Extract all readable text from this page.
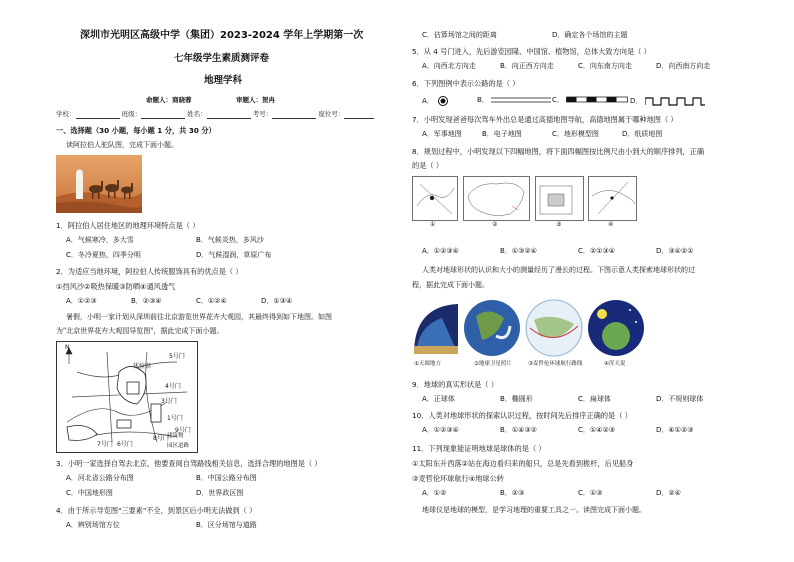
深圳市光明区高级中学（集团）2023-2024 学年上学期第一次
七年级学生素质测评卷
地理学科
命题人：商晓蓉	审题人：贺冉
学校：	班级：	姓名：	考号：	座位号：
一、选择题（30 小题，每小题 1 分，共 30 分）
读阿拉伯人驼队图，完成下面小题。
1．阿拉伯人居住地区的地理环境特点是（ ）
A．气候寒冷，多大雪	B．气候炎热，多风沙
C．冬冷夏热，四季分明	D．气候湿润，草原广布
2．为适应当地环境，阿拉伯人传统服饰具有的优点是（ ）
①挡风沙②吸热保暖③防晒④通风透气
A．①②③	B．②③④	C．①②④	D．①③④
暑假，小明一家计划从深圳前往北京游览世界花卉大观园，其最终得到如下地图。如图
为"北京世界花卉大观园导览图"，据此完成下面小题。
N
5号门
体验馆
4号门
3号门
1号门
9号门
8号门
6号门
7号门
建筑物
园区道路
3．小明一家选择自驾去北京，他要查阅自驾路线相关信息，选择合理的地图是（ ）
A．河北省公路分布图	B．中国公路分布图
C．中国地形图	D．世界政区图
4．由于所示导览图"三要素"不全，到景区后小明无法做到（ ）
A．辨别场馆方位	B．区分场馆与道路
C．估算场馆之间的距离	D．确定各个场馆的主题
5．从 4 号门进入，先后游览园隆、中国馆、植物馆，总体大致方向是（ ）
A．向西北方向走	B．向正西方向走	C．向东南方向走	D．向西南方向走
6．下列图例中表示公路的是（ ）
A．	B．	C．	D．
7．小明发现爸爸每次驾车外出总是通过高德地图导航，高德地图属于哪种地图（ ）
A．军事地图	B．电子地图	C．地形模型图	D．纸质地图
8．规划过程中，小明发现以下四幅地图，将下面四幅图按比例尺由小到大的顺序排列，正确
的是（ ）
①	②	③	④
A．①②③④	B．①③②④	C．②①③④	D．③④②①
人类对地球形状的认识和大小的测量经历了漫长的过程。下图示意人类探索地球形状的过
程，据此完成下面小题。
①天圆地方	②地球卫星照片	③麦哲伦环球航行路线	④浑天说
9．地球的真实形状是（ ）
A．正球体	B．椭圆形	C．扁球体	D．不规则球体
10．人类对地球形状的探索认识过程，按时间先后排序正确的是（ ）
A．①②③④	B．①④③②	C．①④②③	D．④①②③
11．下列现象能证明地球是球体的是（ ）
①太阳东升西落②站在海边看归来的船只，总是先看到桅杆，后见船身
③麦哲伦环球航行④地球公转
A．①②	B．②③	C．①③	D．②④
地球仪是地球的模型，是学习地理的重要工具之一。读图完成下面小题。
